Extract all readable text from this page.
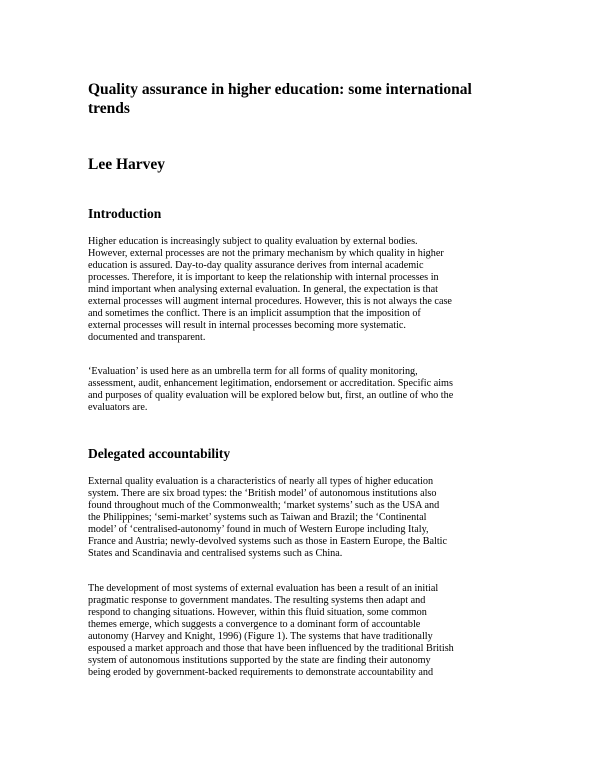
Quality assurance in higher education: some international
trends
Lee Harvey
Introduction
Higher education is increasingly subject to quality evaluation by external bodies.
However, external processes are not the primary mechanism by which quality in higher
education is assured. Day-to-day quality assurance derives from internal academic
processes. Therefore, it is important to keep the relationship with internal processes in
mind important when analysing external evaluation. In general, the expectation is that
external processes will augment internal procedures. However, this is not always the case
and sometimes the conflict. There is an implicit assumption that the imposition of
external processes will result in internal processes becoming more systematic.
documented and transparent.
‘Evaluation’ is used here as an umbrella term for all forms of quality monitoring,
assessment, audit, enhancement legitimation, endorsement or accreditation. Specific aims
and purposes of quality evaluation will be explored below but, first, an outline of who the
evaluators are.
Delegated accountability
External quality evaluation is a characteristics of nearly all types of higher education
system. There are six broad types: the ‘British model’ of autonomous institutions also
found throughout much of the Commonwealth; ‘market systems’ such as the USA and
the Philippines; ‘semi-market’ systems such as Taiwan and Brazil; the ‘Continental
model’ of ‘centralised-autonomy’ found in much of Western Europe including Italy,
France and Austria; newly-devolved systems such as those in Eastern Europe, the Baltic
States and Scandinavia and centralised systems such as China.
The development of most systems of external evaluation has been a result of an initial
pragmatic response to government mandates. The resulting systems then adapt and
respond to changing situations. However, within this fluid situation, some common
themes emerge, which suggests a convergence to a dominant form of accountable
autonomy (Harvey and Knight, 1996) (Figure 1). The systems that have traditionally
espoused a market approach and those that have been influenced by the traditional British
system of autonomous institutions supported by the state are finding their autonomy
being eroded by government-backed requirements to demonstrate accountability and
